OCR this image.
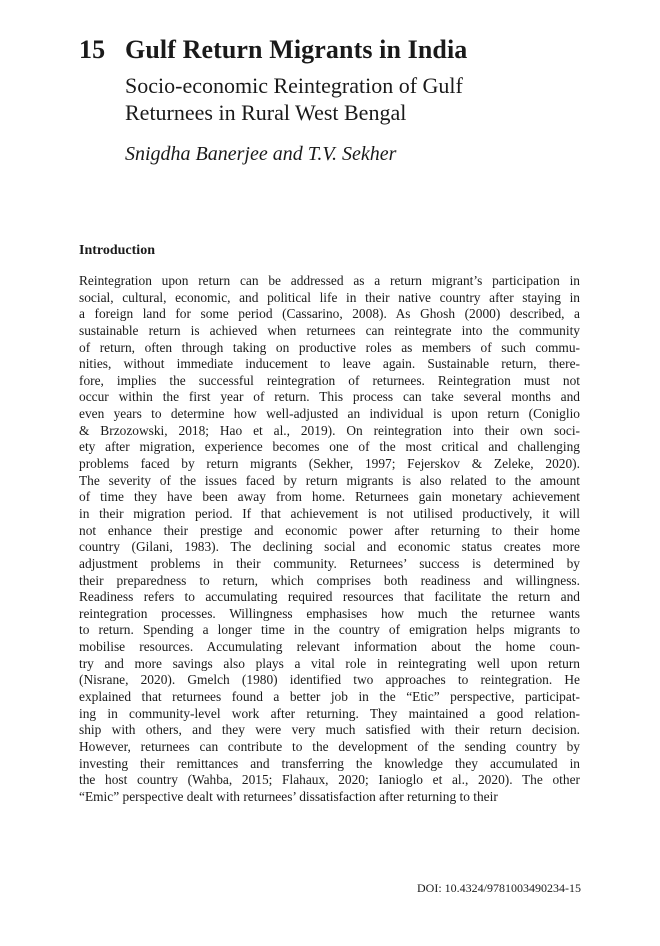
15 Gulf Return Migrants in India
Socio-economic Reintegration of Gulf
Returnees in Rural West Bengal
Snigdha Banerjee and T.V. Sekher
Introduction
Reintegration upon return can be addressed as a return migrant’s participation in
social, cultural, economic, and political life in their native country after staying in
a foreign land for some period (Cassarino, 2008). As Ghosh (2000) described, a
sustainable return is achieved when returnees can reintegrate into the community
of return, often through taking on productive roles as members of such commu-
nities, without immediate inducement to leave again. Sustainable return, there-
fore, implies the successful reintegration of returnees. Reintegration must not
occur within the first year of return. This process can take several months and
even years to determine how well-adjusted an individual is upon return (Coniglio
& Brzozowski, 2018; Hao et al., 2019). On reintegration into their own soci-
ety after migration, experience becomes one of the most critical and challenging
problems faced by return migrants (Sekher, 1997; Fejerskov & Zeleke, 2020).
The severity of the issues faced by return migrants is also related to the amount
of time they have been away from home. Returnees gain monetary achievement
in their migration period. If that achievement is not utilised productively, it will
not enhance their prestige and economic power after returning to their home
country (Gilani, 1983). The declining social and economic status creates more
adjustment problems in their community. Returnees’ success is determined by
their preparedness to return, which comprises both readiness and willingness.
Readiness refers to accumulating required resources that facilitate the return and
reintegration processes. Willingness emphasises how much the returnee wants
to return. Spending a longer time in the country of emigration helps migrants to
mobilise resources. Accumulating relevant information about the home coun-
try and more savings also plays a vital role in reintegrating well upon return
(Nisrane, 2020). Gmelch (1980) identified two approaches to reintegration. He
explained that returnees found a better job in the “Etic” perspective, participat-
ing in community-level work after returning. They maintained a good relation-
ship with others, and they were very much satisfied with their return decision.
However, returnees can contribute to the development of the sending country by
investing their remittances and transferring the knowledge they accumulated in
the host country (Wahba, 2015; Flahaux, 2020; Ianioglo et al., 2020). The other
“Emic” perspective dealt with returnees’ dissatisfaction after returning to their
DOI: 10.4324/9781003490234-15
